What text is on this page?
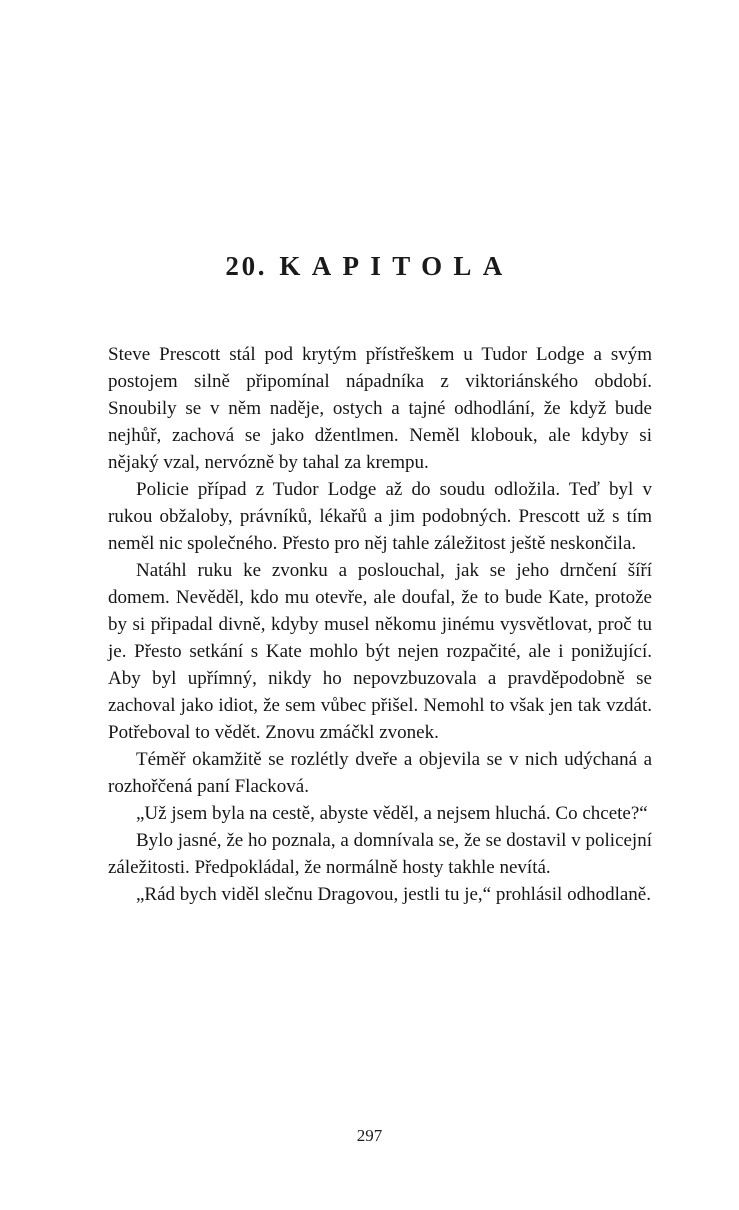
20. KAPITOLA

Steve Prescott stál pod krytým přístřeškem u Tudor Lodge a svým postojem silně připomínal nápadníka z viktoriánského období. Snoubily se v něm naděje, ostych a tajné odhodlání, že když bude nejhůř, zachová se jako džentlmen. Neměl klobouk, ale kdyby si nějaký vzal, nervózně by tahal za krempu.

Policie případ z Tudor Lodge až do soudu odložila. Teď byl v rukou obžaloby, právníků, lékařů a jim podobných. Prescott už s tím neměl nic společného. Přesto pro něj tahle záležitost ještě neskončila.

Natáhl ruku ke zvonku a poslouchal, jak se jeho drnčení šíří domem. Nevěděl, kdo mu otevře, ale doufal, že to bude Kate, protože by si připadal divně, kdyby musel někomu jinému vysvětlovat, proč tu je. Přesto setkání s Kate mohlo být nejen rozpačité, ale i ponižující. Aby byl upřímný, nikdy ho nepovzbuzovala a pravděpodobně se zachoval jako idiot, že sem vůbec přišel. Nemohl to však jen tak vzdát. Potřeboval to vědět. Znovu zmáčkl zvonek.

Téměř okamžitě se rozlétly dveře a objevila se v nich udýchaná a rozhořčená paní Flacková.

„Už jsem byla na cestě, abyste věděl, a nejsem hluchá. Co chcete?“

Bylo jasné, že ho poznala, a domnívala se, že se dostavil v policejní záležitosti. Předpokládal, že normálně hosty takhle nevítá.

„Rád bych viděl slečnu Dragovou, jestli tu je,“ prohlásil odhodlaně.

297
